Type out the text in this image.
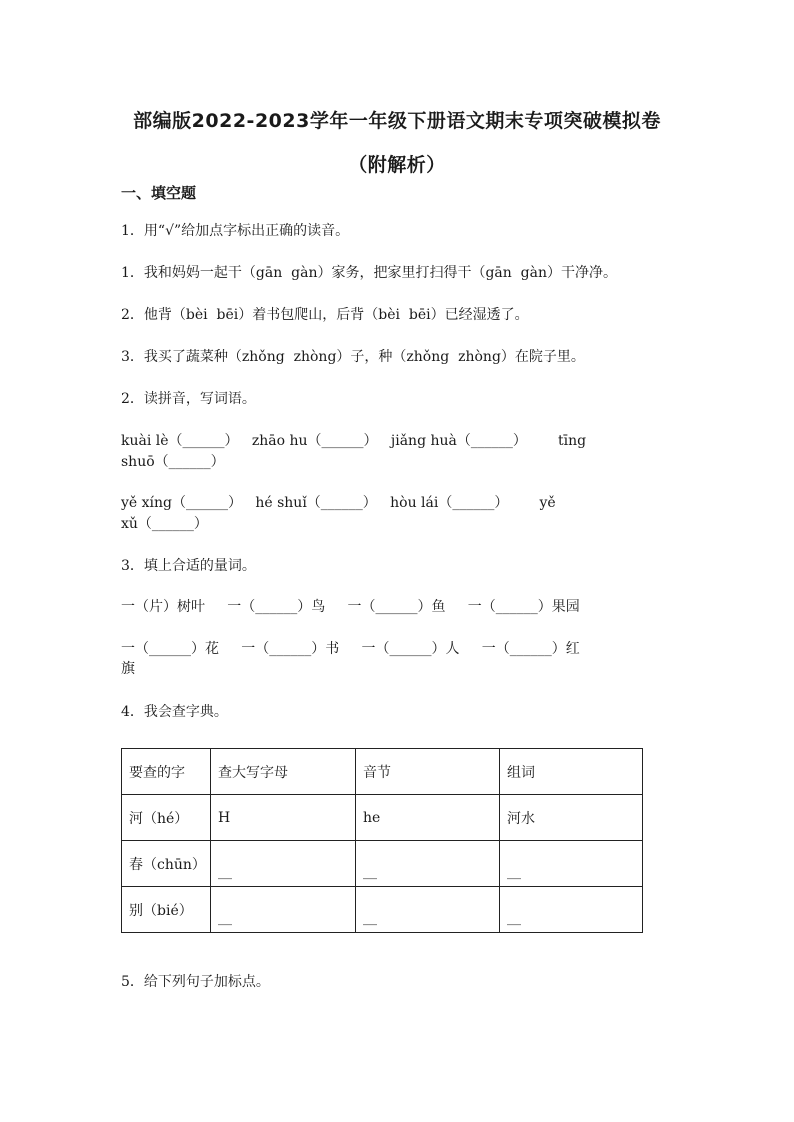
部编版2022-2023学年一年级下册语文期末专项突破模拟卷
（附解析）
一、填空题
1．用“√”给加点字标出正确的读音。
1．我和妈妈一起干（gān  gàn）家务，把家里打扫得干（gān  gàn）干净净。
2．他背（bèi  bēi）着书包爬山，后背（bèi  bēi）已经湿透了。
3．我买了蔬菜种（zhǒng  zhòng）子，种（zhǒng  zhòng）在院子里。
2．读拼音，写词语。
kuài lè（______）   zhāo hu（______）   jiǎng huà（______）       tīng
shuō（______）
yě xíng（______）   hé shuǐ（______）   hòu lái（______）       yě
xǔ（______）
3．填上合适的量词。
一（片）树叶     一（______）鸟     一（______）鱼     一（______）果园
一（______）花     一（______）书     一（______）人     一（______）红
旗
4．我会查字典。
要查的字	查大写字母	音节	组词
河（hé）	H	he	河水
春（chūn）	__	__	__
别（bié）	__	__	__
5．给下列句子加标点。
